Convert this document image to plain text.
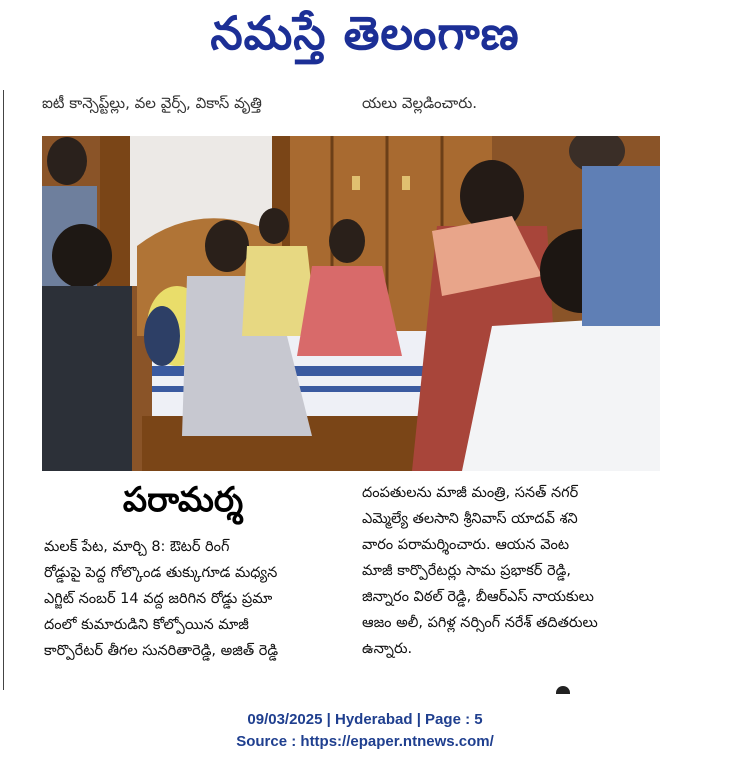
నమస్తే తెలంగాణ
ఐటీ కాన్సెప్ట్‌ల్లు, వల వైర్స్, వికాస్ వృత్తి	యలు వెల్లడించారు.
పరామర్శ
మలక్ పేట, మార్చి 8: ఔటర్ రింగ్
రోడ్డుపై పెద్ద గోల్కొండ తుక్కుగూడ మధ్యన
ఎగ్జిట్ నంబర్ 14 వద్ద జరిగిన రోడ్డు ప్రమా
దంలో కుమారుడిని కోల్పోయిన మాజీ
కార్పొరేటర్ తీగల సునరితారెడ్డి, అజిత్ రెడ్డి
దంపతులను మాజీ మంత్రి, సనత్ నగర్
ఎమ్మెల్యే తలసాని శ్రీనివాస్ యాదవ్ శని
వారం పరామర్శించారు. ఆయన వెంట
మాజీ కార్పొరేటర్లు సామ ప్రభాకర్ రెడ్డి,
జిన్నారం విఠల్ రెడ్డి, బీఆర్ఎస్ నాయకులు
ఆజం అలీ, పగిళ్ల నర్సింగ్ నరేశ్ తదితరులు
ఉన్నారు.
09/03/2025 | Hyderabad | Page : 5
Source : https://epaper.ntnews.com/
